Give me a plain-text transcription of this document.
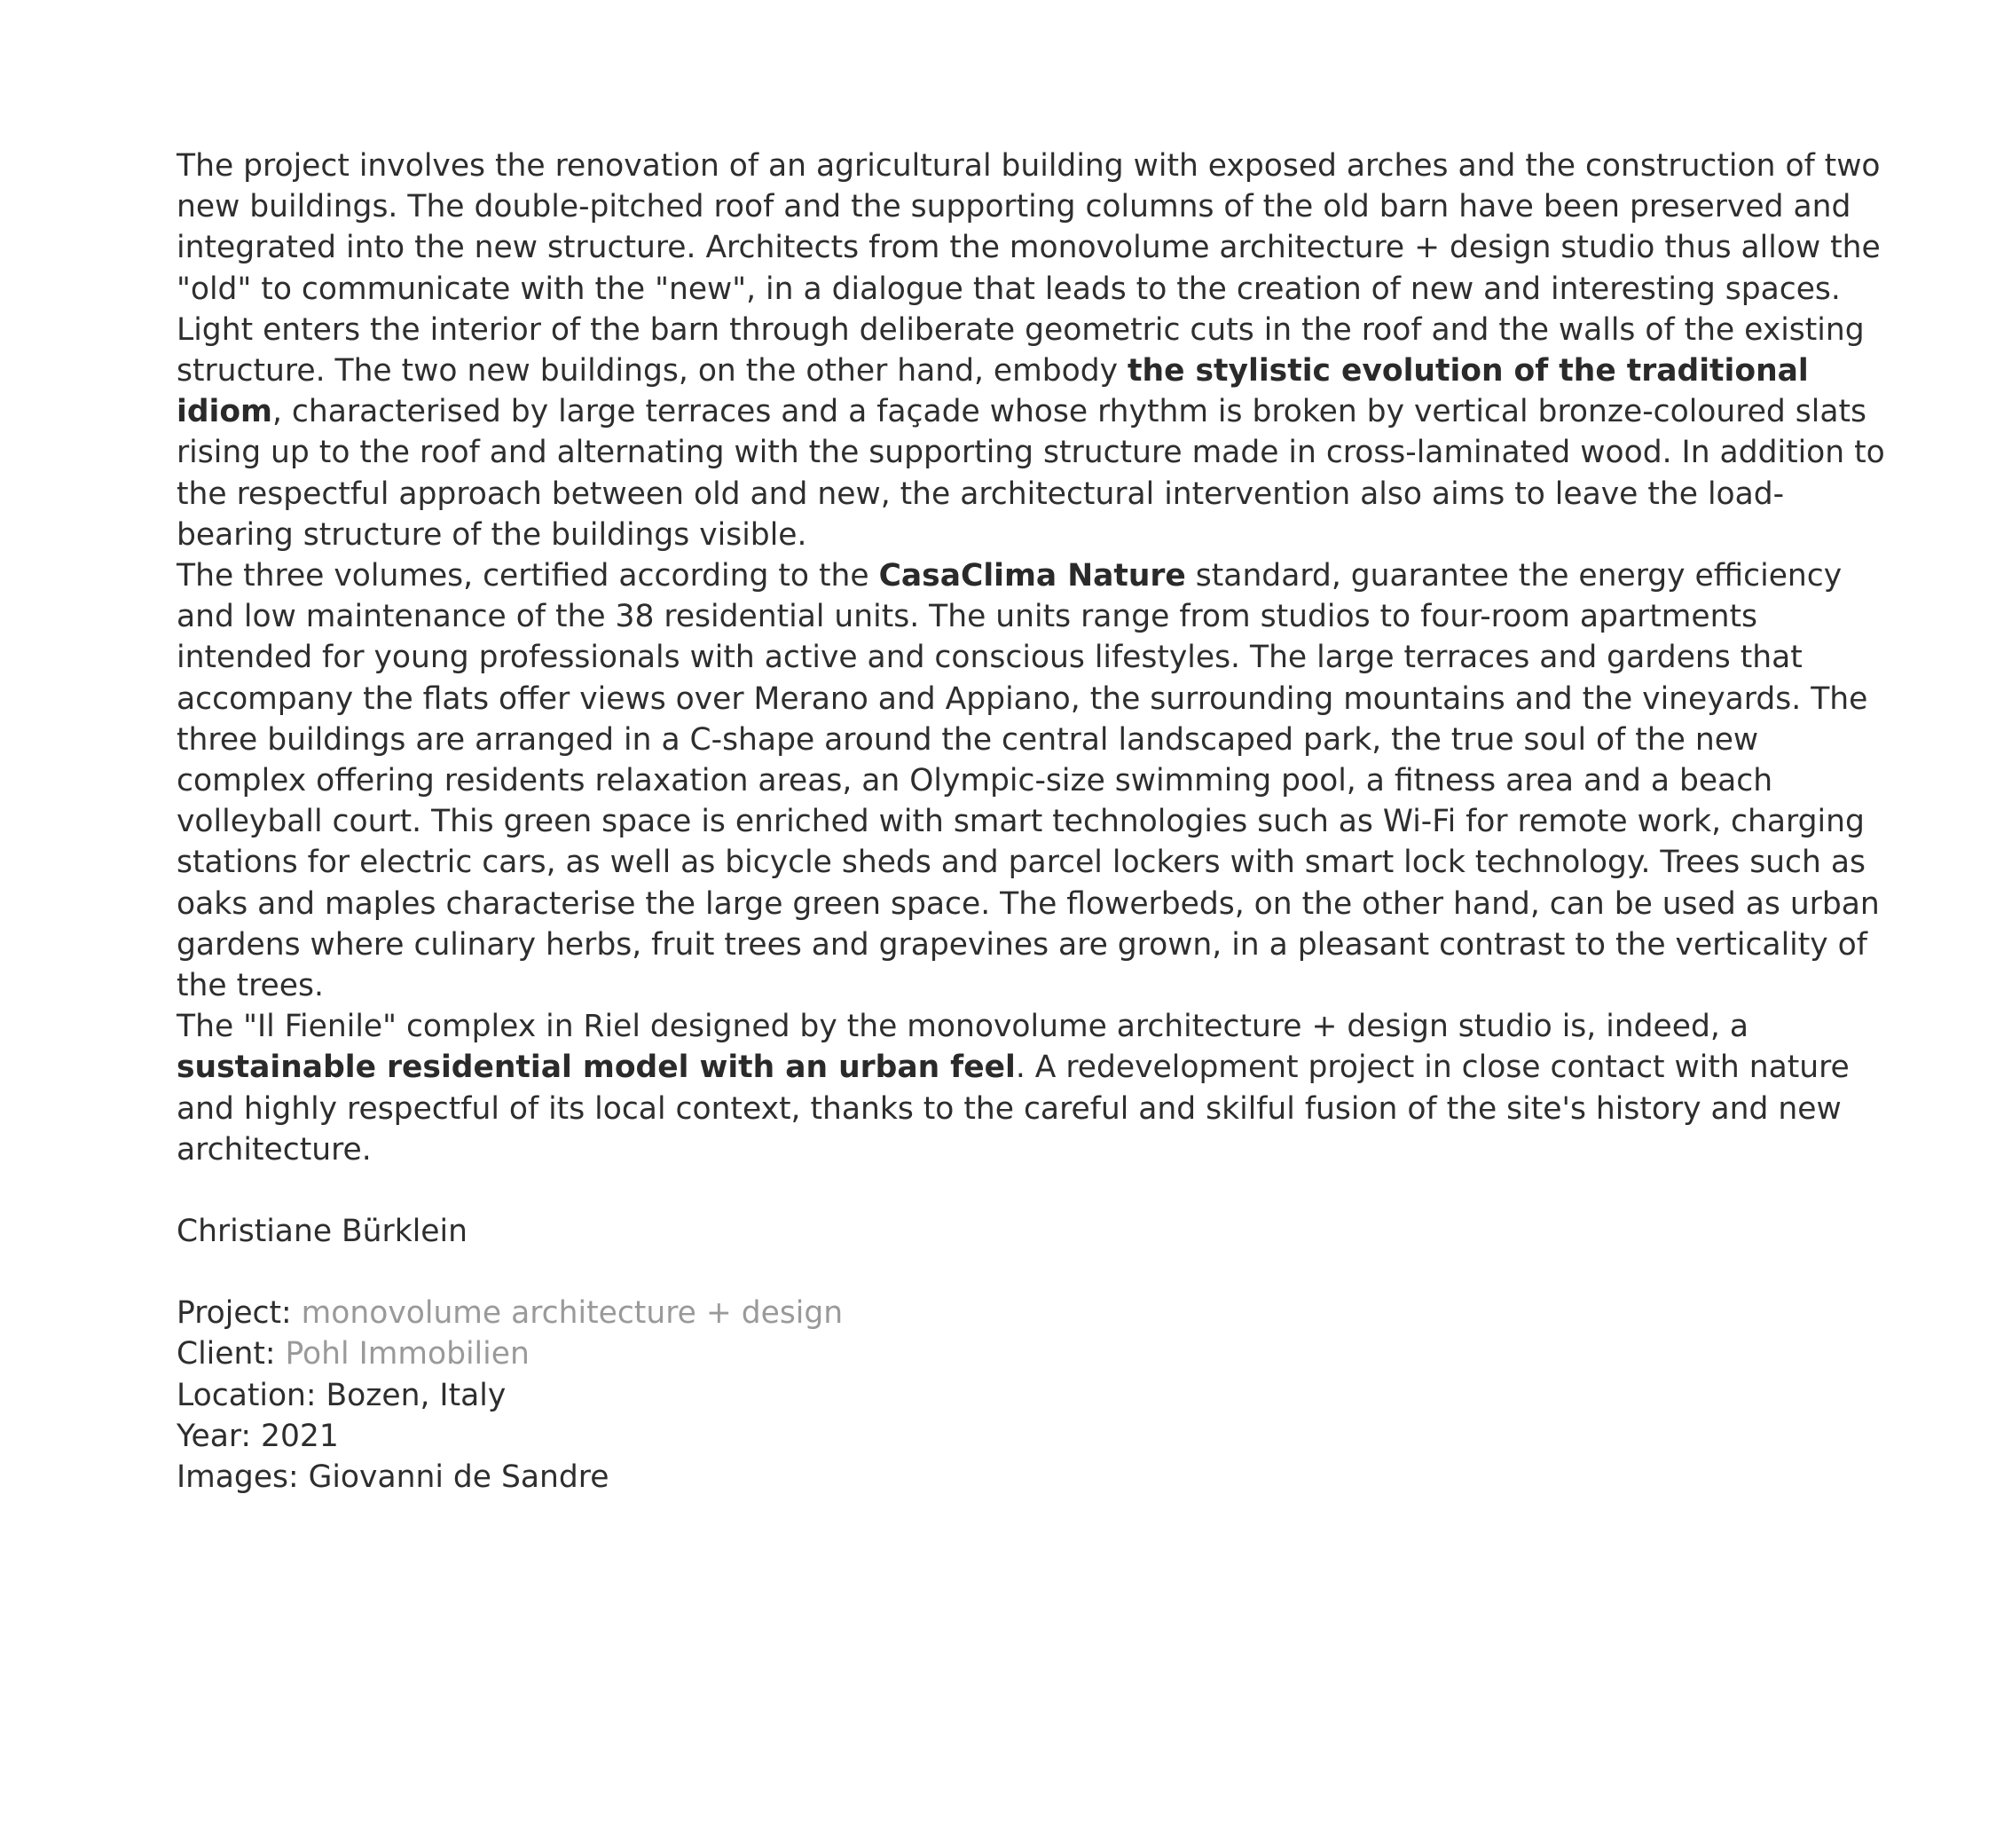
The project involves the renovation of an agricultural building with exposed arches and the construction of two new buildings. The double-pitched roof and the supporting columns of the old barn have been preserved and integrated into the new structure. Architects from the monovolume architecture + design studio thus allow the "old" to communicate with the "new", in a dialogue that leads to the creation of new and interesting spaces. Light enters the interior of the barn through deliberate geometric cuts in the roof and the walls of the existing structure. The two new buildings, on the other hand, embody the stylistic evolution of the traditional idiom, characterised by large terraces and a façade whose rhythm is broken by vertical bronze-coloured slats rising up to the roof and alternating with the supporting structure made in cross-laminated wood. In addition to the respectful approach between old and new, the architectural intervention also aims to leave the load-bearing structure of the buildings visible.

The three volumes, certified according to the CasaClima Nature standard, guarantee the energy efficiency and low maintenance of the 38 residential units. The units range from studios to four-room apartments intended for young professionals with active and conscious lifestyles. The large terraces and gardens that accompany the flats offer views over Merano and Appiano, the surrounding mountains and the vineyards. The three buildings are arranged in a C-shape around the central landscaped park, the true soul of the new complex offering residents relaxation areas, an Olympic-size swimming pool, a fitness area and a beach volleyball court. This green space is enriched with smart technologies such as Wi-Fi for remote work, charging stations for electric cars, as well as bicycle sheds and parcel lockers with smart lock technology. Trees such as oaks and maples characterise the large green space. The flowerbeds, on the other hand, can be used as urban gardens where culinary herbs, fruit trees and grapevines are grown, in a pleasant contrast to the verticality of the trees.

The "Il Fienile" complex in Riel designed by the monovolume architecture + design studio is, indeed, a sustainable residential model with an urban feel. A redevelopment project in close contact with nature and highly respectful of its local context, thanks to the careful and skilful fusion of the site's history and new architecture.

Christiane Bürklein

Project: monovolume architecture + design

Client: Pohl Immobilien

Location: Bozen, Italy

Year: 2021

Images: Giovanni de Sandre
